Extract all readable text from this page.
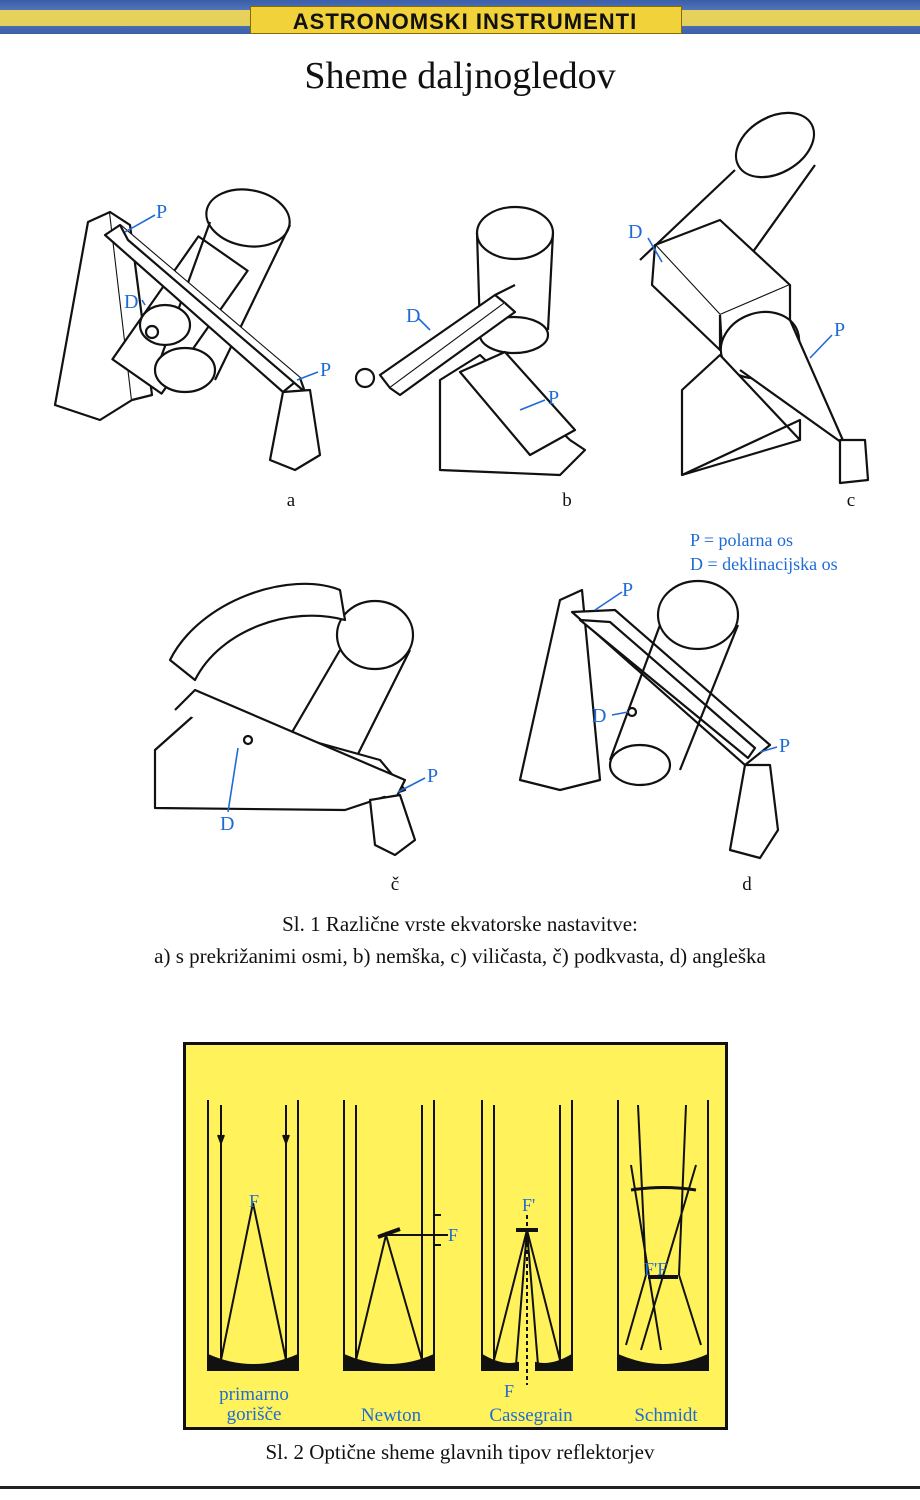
ASTRONOMSKI INSTRUMENTI
Sheme daljnogledov
P
D
P
D
P
D
P
D
P
P
D
P
a	b	c
č	d
P = polarna os
D = deklinacijska os
Sl. 1 Različne vrste ekvatorske nastavitve:
a) s prekrižanimi osmi, b) nemška, c) viličasta, č) podkvasta, d) angleška
F
F
F'
F
F'F
primarno
gorišče	Newton	Cassegrain	Schmidt
Sl. 2 Optične sheme glavnih tipov reflektorjev
